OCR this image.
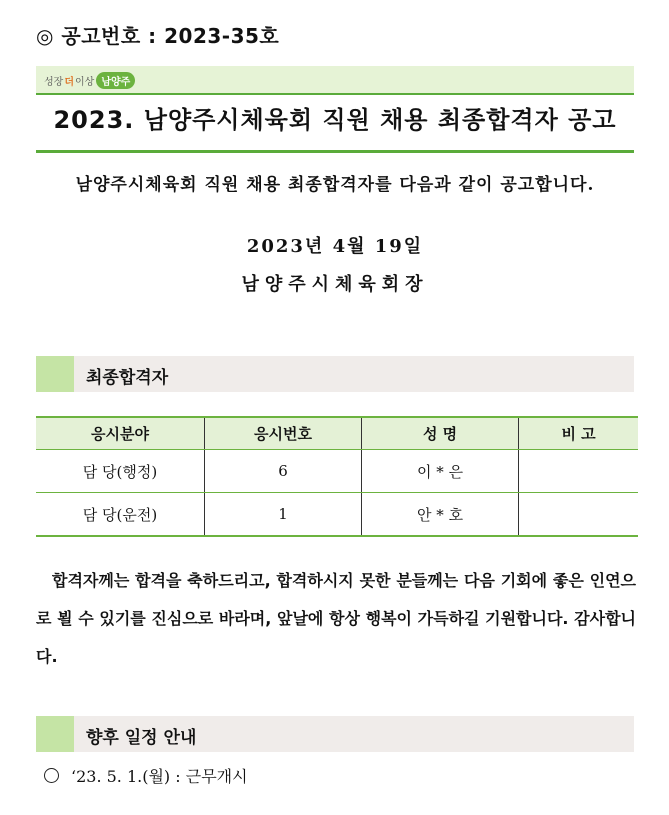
◎ 공고번호 : 2023-35호
성장 더 이상 남양주
2023. 남양주시체육회 직원 채용 최종합격자 공고
남양주시체육회 직원 채용 최종합격자를 다음과 같이 공고합니다.
2023년 4월 19일
남양주시체육회장
최종합격자
응시분야	응시번호	성 명	비 고
담 당(행정)	6	이 * 은	
담 당(운전)	1	안 * 호	

합격자께는 합격을 축하드리고, 합격하시지 못한 분들께는 다음 기회에 좋은 인연으로 뵐 수 있기를 진심으로 바라며, 앞날에 항상 행복이 가득하길 기원합니다. 감사합니다.

향후 일정 안내
‘23. 5. 1.(월) : 근무개시
